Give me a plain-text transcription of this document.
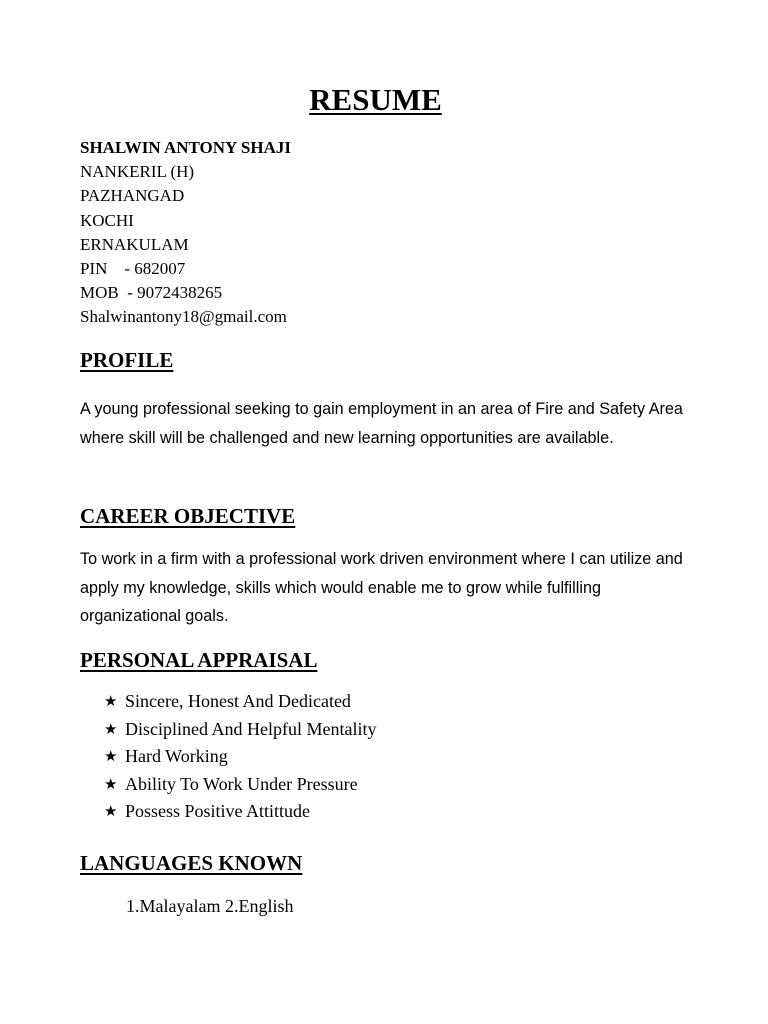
RESUME
SHALWIN ANTONY SHAJI
NANKERIL (H)
PAZHANGAD
KOCHI
ERNAKULAM
PIN    - 682007
MOB  - 9072438265
Shalwinantony18@gmail.com
PROFILE

A young professional seeking to gain employment in an area of Fire and Safety Area where skill will be challenged and new learning opportunities are available.

CAREER OBJECTIVE

To work in a firm with a professional work driven environment where I can utilize and apply my knowledge, skills which would enable me to grow while fulfilling organizational goals.

PERSONAL APPRAISAL
★ Sincere, Honest And Dedicated
★ Disciplined And Helpful Mentality
★ Hard Working
★ Ability To Work Under Pressure
★ Possess Positive Attittude
LANGUAGES KNOWN
1.Malayalam 2.English
